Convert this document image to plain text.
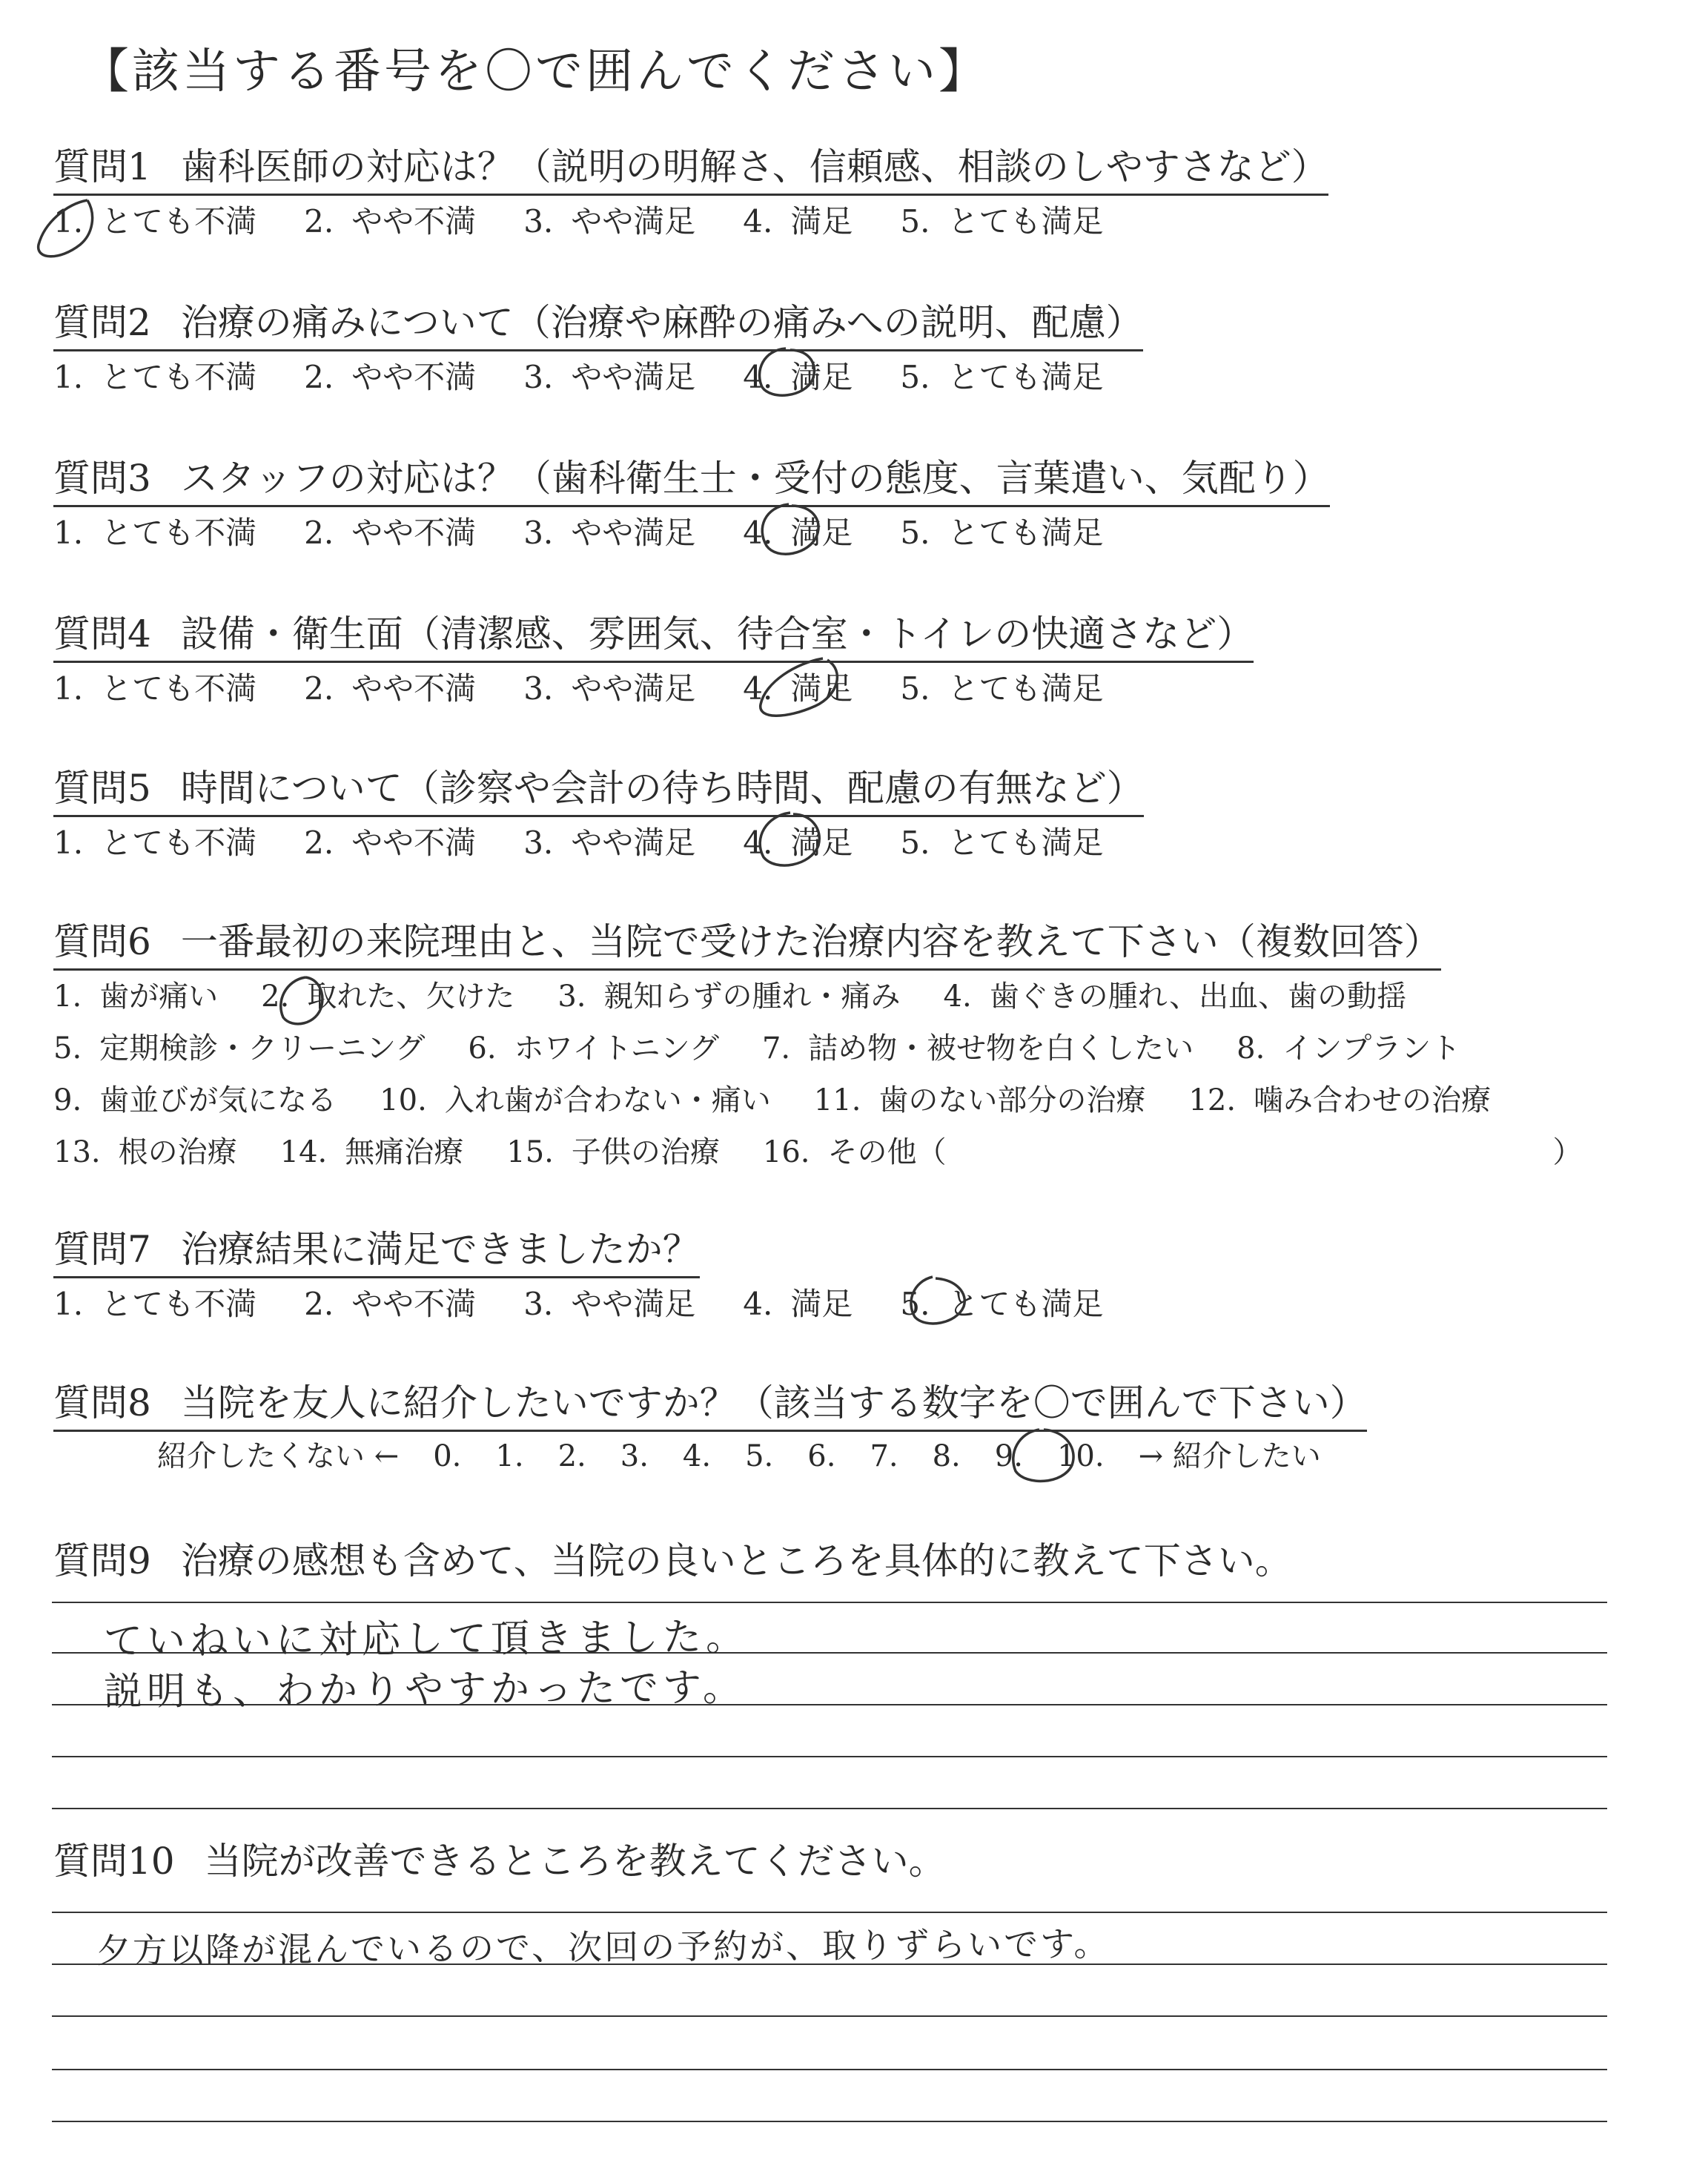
【該当する番号を〇で囲んでください】
質問1 歯科医師の対応は？（説明の明解さ、信頼感、相談のしやすさなど）
1. とても不満 2. やや不満 3. やや満足 4. 満足 5. とても満足
質問2 治療の痛みについて（治療や麻酔の痛みへの説明、配慮）
1. とても不満 2. やや不満 3. やや満足 4. 満足 5. とても満足
質問3 スタッフの対応は？（歯科衛生士・受付の態度、言葉遣い、気配り）
1. とても不満 2. やや不満 3. やや満足 4. 満足 5. とても満足
質問4 設備・衛生面（清潔感、雰囲気、待合室・トイレの快適さなど）
1. とても不満 2. やや不満 3. やや満足 4. 満足 5. とても満足
質問5 時間について（診察や会計の待ち時間、配慮の有無など）
1. とても不満 2. やや不満 3. やや満足 4. 満足 5. とても満足
質問6 一番最初の来院理由と、当院で受けた治療内容を教えて下さい（複数回答）
1. 歯が痛い 2. 取れた、欠けた 3. 親知らずの腫れ・痛み 4. 歯ぐきの腫れ、出血、歯の動揺
5. 定期検診・クリーニング 6. ホワイトニング 7. 詰め物・被せ物を白くしたい 8. インプラント
9. 歯並びが気になる 10. 入れ歯が合わない・痛い 11. 歯のない部分の治療 12. 噛み合わせの治療
13. 根の治療 14. 無痛治療 15. 子供の治療 16. その他（	）
質問7 治療結果に満足できましたか？
1. とても不満 2. やや不満 3. やや満足 4. 満足 5. とても満足
質問8 当院を友人に紹介したいですか？（該当する数字を〇で囲んで下さい）
紹介したくない ← 0. 1. 2. 3. 4. 5. 6. 7. 8. 9. 10. → 紹介したい
質問9 治療の感想も含めて、当院の良いところを具体的に教えて下さい。
ていねいに対応して頂きました。
説明も、わかりやすかったです。
質問10 当院が改善できるところを教えてください。
夕方以降が混んでいるので、次回の予約が、取りずらいです。
